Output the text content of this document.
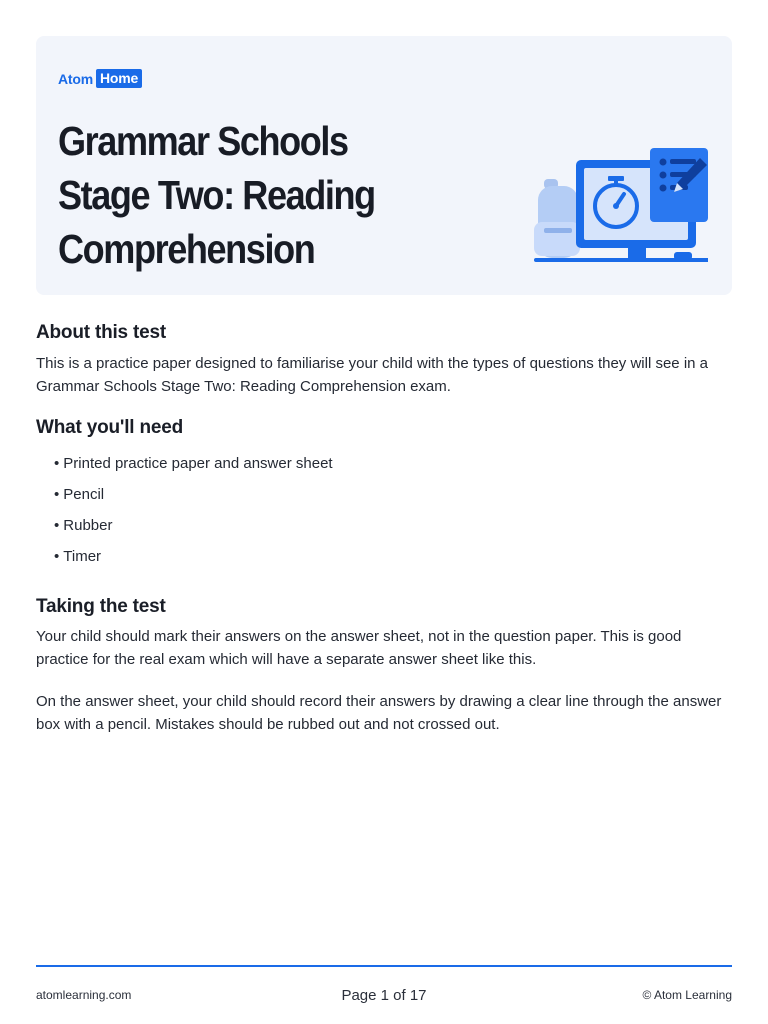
Atom Home
Grammar Schools Stage Two: Reading Comprehension
About this test

This is a practice paper designed to familiarise your child with the types of questions they will see in a Grammar Schools Stage Two: Reading Comprehension exam.

What you'll need
• Printed practice paper and answer sheet
• Pencil
• Rubber
• Timer
Taking the test

Your child should mark their answers on the answer sheet, not in the question paper. This is good practice for the real exam which will have a separate answer sheet like this.

On the answer sheet, your child should record their answers by drawing a clear line through the answer box with a pencil. Mistakes should be rubbed out and not crossed out.

atomlearning.com	Page 1 of 17	© Atom Learning
